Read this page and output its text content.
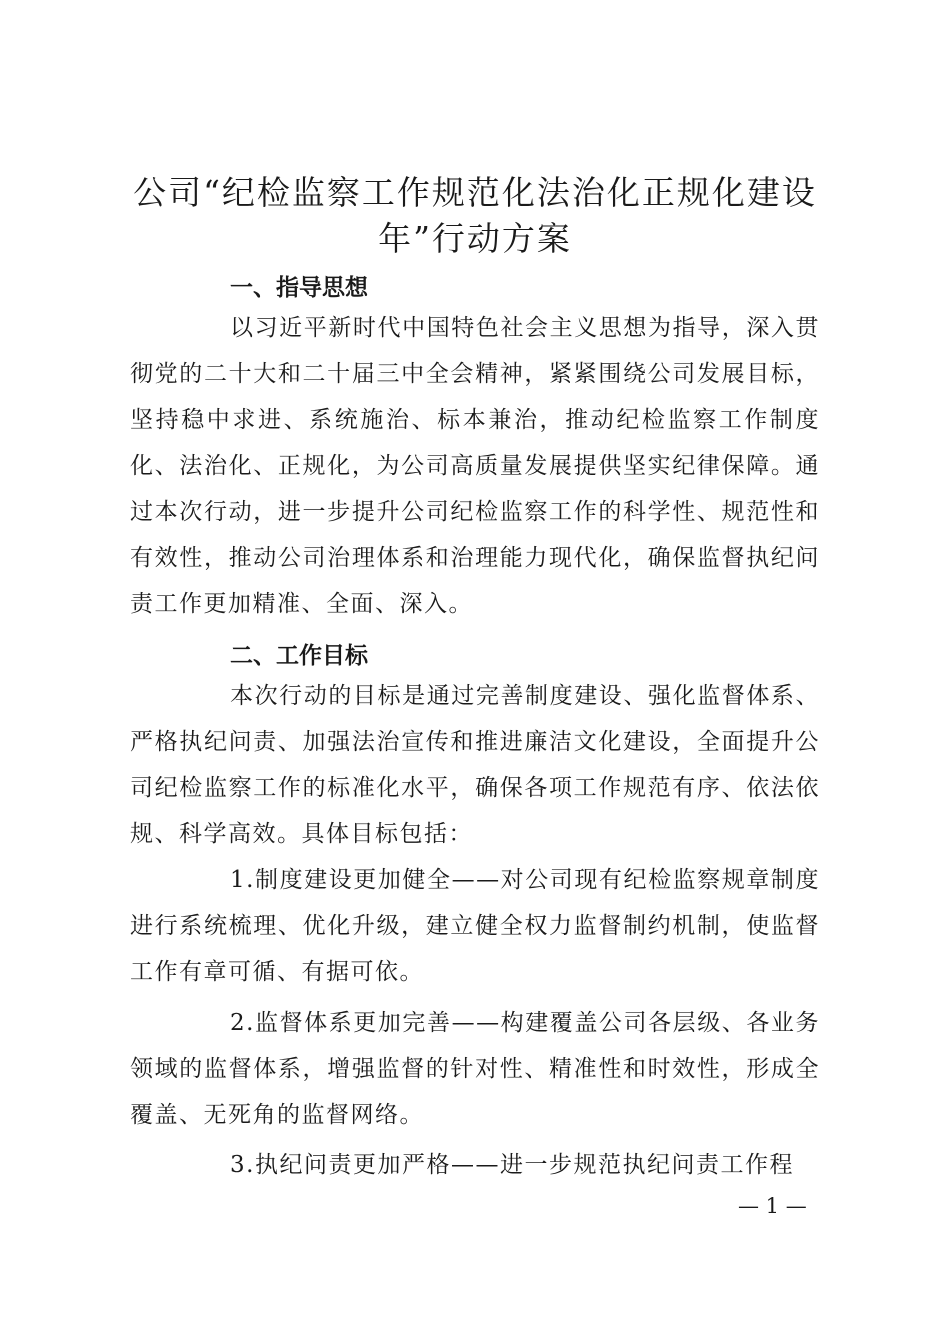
公司“纪检监察工作规范化法治化正规化建设
年”行动方案
一、指导思想

以习近平新时代中国特色社会主义思想为指导，深入贯彻党的二十大和二十届三中全会精神，紧紧围绕公司发展目标，坚持稳中求进、系统施治、标本兼治，推动纪检监察工作制度化、法治化、正规化，为公司高质量发展提供坚实纪律保障。通过本次行动，进一步提升公司纪检监察工作的科学性、规范性和有效性，推动公司治理体系和治理能力现代化，确保监督执纪问责工作更加精准、全面、深入。

二、工作目标

本次行动的目标是通过完善制度建设、强化监督体系、严格执纪问责、加强法治宣传和推进廉洁文化建设，全面提升公司纪检监察工作的标准化水平，确保各项工作规范有序、依法依规、科学高效。具体目标包括：

1.制度建设更加健全——对公司现有纪检监察规章制度进行系统梳理、优化升级，建立健全权力监督制约机制，使监督工作有章可循、有据可依。

2.监督体系更加完善——构建覆盖公司各层级、各业务领域的监督体系，增强监督的针对性、精准性和时效性，形成全覆盖、无死角的监督网络。

3.执纪问责更加严格——进一步规范执纪问责工作程

— 1 —
